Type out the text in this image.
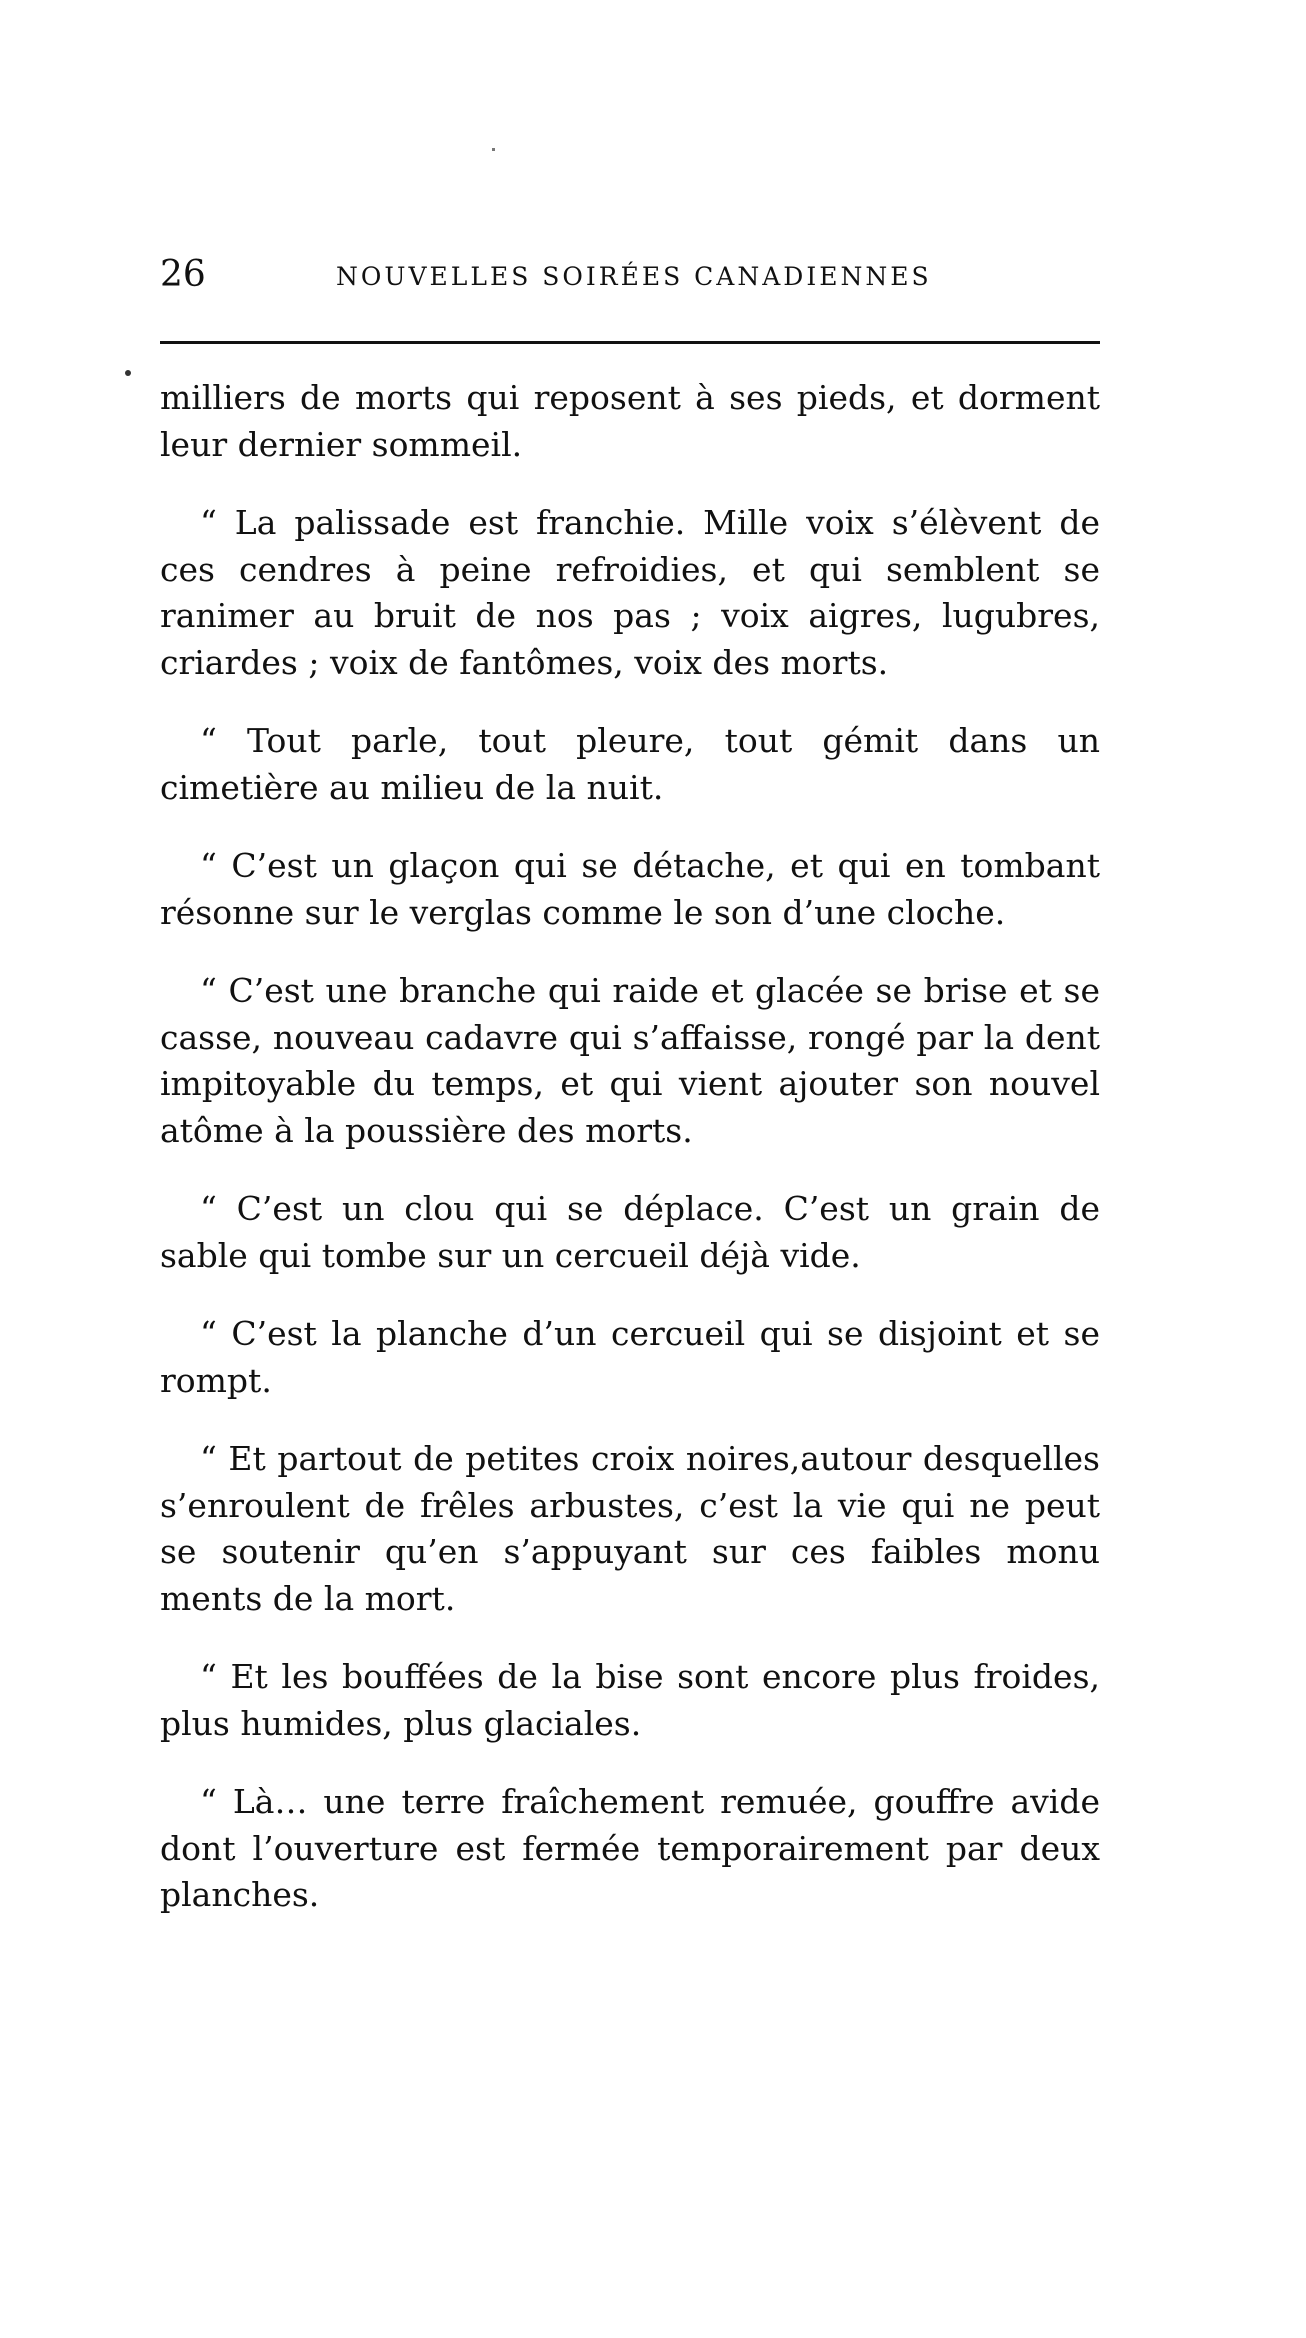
26	NOUVELLES SOIRÉES CANADIENNES

milliers de morts qui reposent à ses pieds, et dorment leur dernier sommeil.

“ La palissade est franchie. Mille voix s’élèvent de ces cendres à peine refroidies, et qui semblent se ranimer au bruit de nos pas ; voix aigres, lugubres, criardes ; voix de fantômes, voix des morts.

“ Tout parle, tout pleure, tout gémit dans un cimetière au milieu de la nuit.

“ C’est un glaçon qui se détache, et qui en tombant résonne sur le verglas comme le son d’une cloche.

“ C’est une branche qui raide et glacée se brise et se casse, nouveau cadavre qui s’affaisse, rongé par la dent impitoyable du temps, et qui vient ajouter son nouvel atôme à la poussière des morts.

“ C’est un clou qui se déplace. C’est un grain de sable qui tombe sur un cercueil déjà vide.

“ C’est la planche d’un cercueil qui se disjoint et se rompt.

“ Et partout de petites croix noires,autour desquelles s’enroulent de frêles arbustes, c’est la vie qui ne peut se soutenir qu’en s’appuyant sur ces faibles monu ments de la mort.

“ Et les bouffées de la bise sont encore plus froides, plus humides, plus glaciales.

“ Là… une terre fraîchement remuée, gouffre avide dont l’ouverture est fermée temporairement par deux planches.
